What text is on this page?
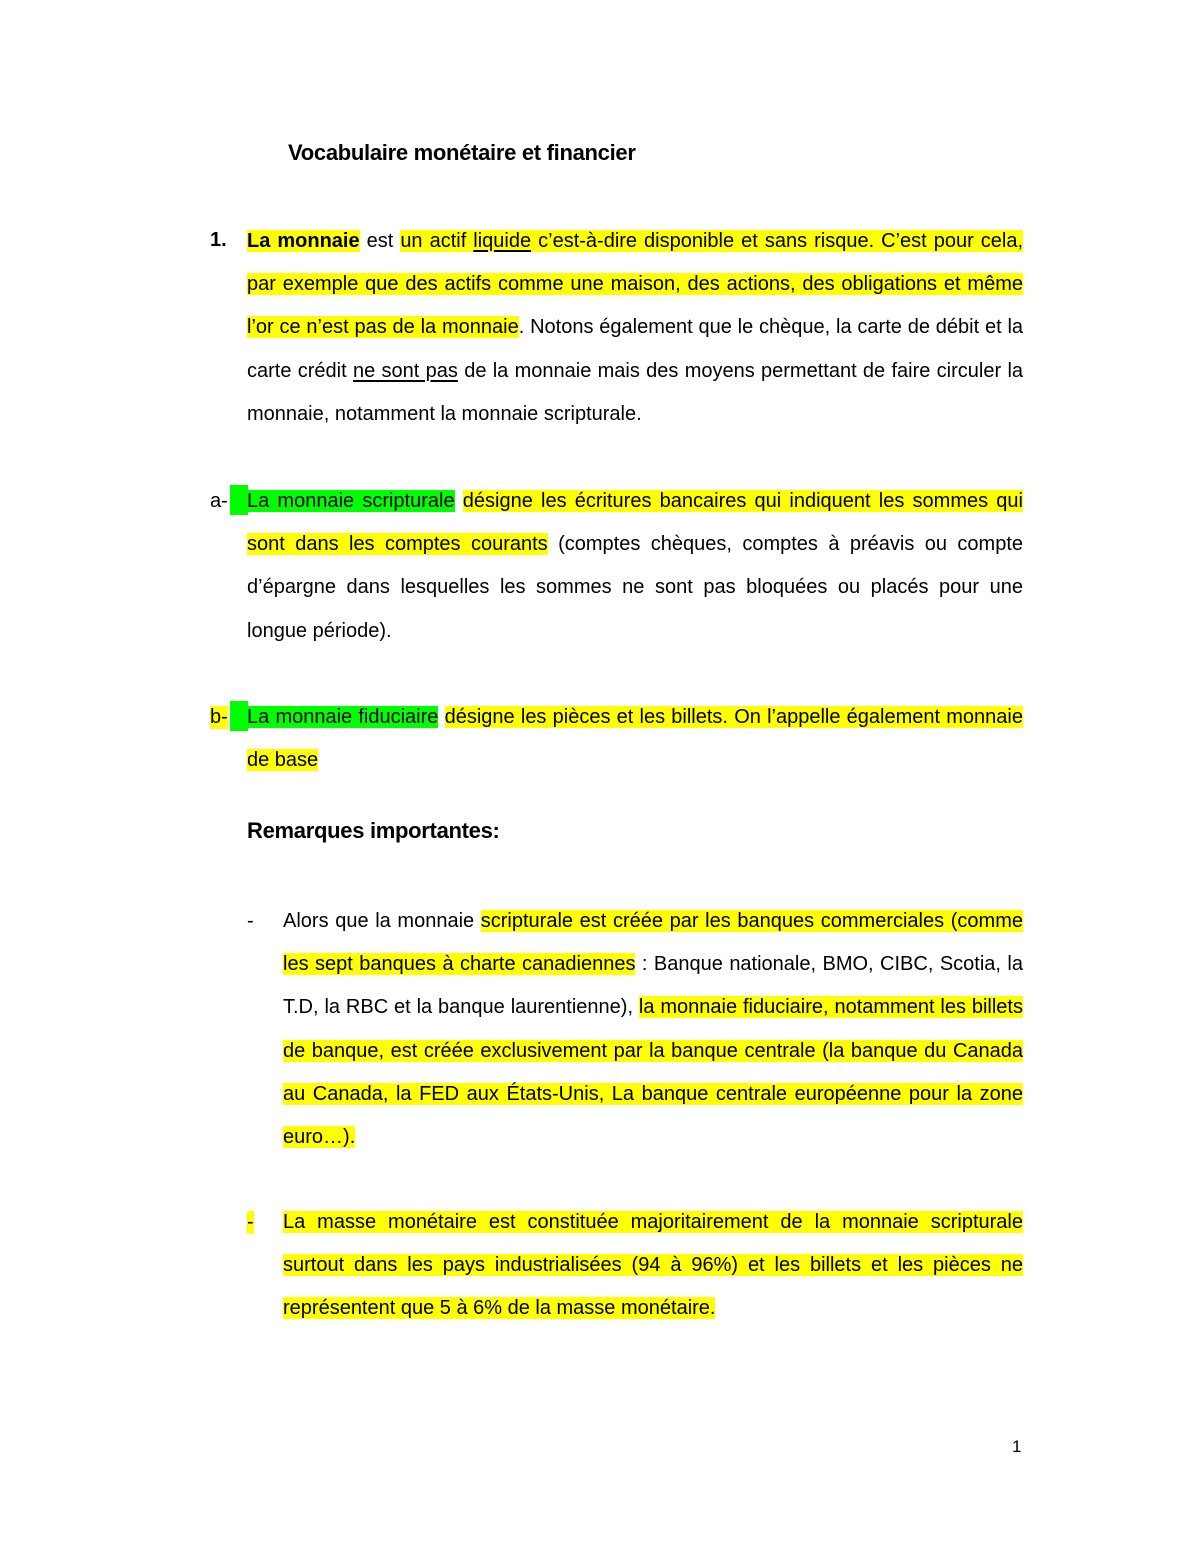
Vocabulaire monétaire et financier
1. La monnaie est un actif liquide c’est-à-dire disponible et sans risque. C’est pour cela, par exemple que des actifs comme une maison, des actions, des obligations et même l’or ce n’est pas de la monnaie. Notons également que le chèque, la carte de débit et la carte crédit ne sont pas de la monnaie mais des moyens permettant de faire circuler la monnaie, notamment la monnaie scripturale.
a- La monnaie scripturale désigne les écritures bancaires qui indiquent les sommes qui sont dans les comptes courants (comptes chèques, comptes à préavis ou compte d’épargne dans lesquelles les sommes ne sont pas bloquées ou placés pour une longue période).
b- La monnaie fiduciaire désigne les pièces et les billets. On l’appelle également monnaie de base
Remarques importantes:
- Alors que la monnaie scripturale est créée par les banques commerciales (comme les sept banques à charte canadiennes : Banque nationale, BMO, CIBC, Scotia, la T.D, la RBC et la banque laurentienne), la monnaie fiduciaire, notamment les billets de banque, est créée exclusivement par la banque centrale (la banque du Canada au Canada, la FED aux États-Unis, La banque centrale européenne pour la zone euro…).
- La masse monétaire est constituée majoritairement de la monnaie scripturale surtout dans les pays industrialisées (94 à 96%) et les billets et les pièces ne représentent que 5 à 6% de la masse monétaire.
1
